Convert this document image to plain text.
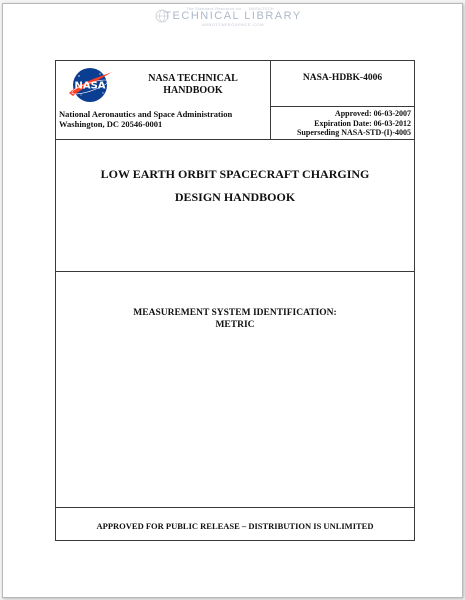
The Standard Resource for ... NASA/TECH ...
TECHNICAL LIBRARY
ABBOTTAEROSPACE.COM
NASA
NASA TECHNICAL
HANDBOOK
National Aeronautics and Space Administration
Washington, DC 20546-0001
NASA-HDBK-4006
Approved: 06-03-2007
Expiration Date: 06-03-2012
Superseding NASA-STD-(I)-4005
LOW EARTH ORBIT SPACECRAFT CHARGING
DESIGN HANDBOOK
MEASUREMENT SYSTEM IDENTIFICATION:
METRIC
APPROVED FOR PUBLIC RELEASE – DISTRIBUTION IS UNLIMITED
